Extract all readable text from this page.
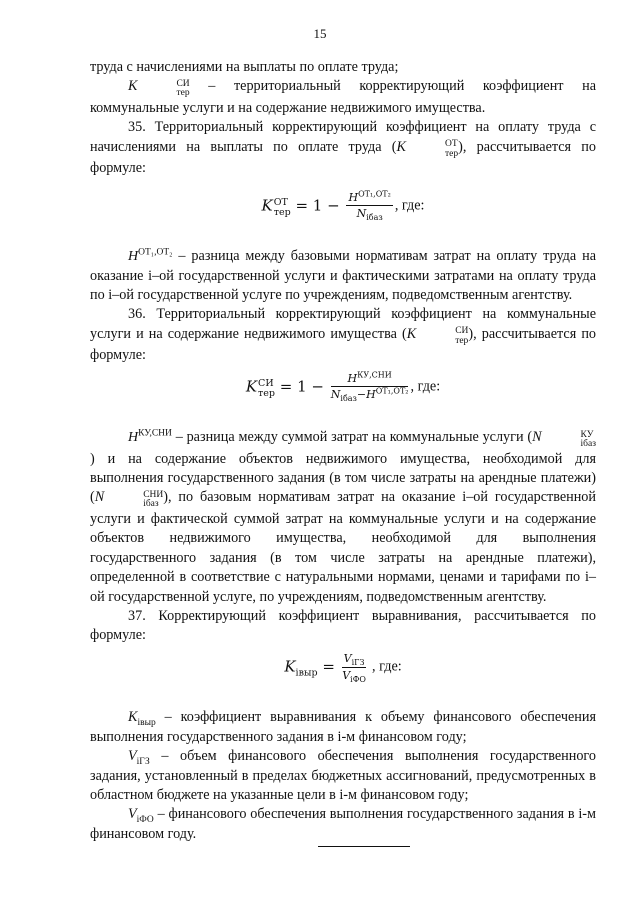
15

труда с начислениями на выплаты по оплате труда;

K	СИ
тер – территориальный корректирующий коэффициент на коммунальные услуги и на содержание недвижимого имущества.

35. Территориальный корректирующий коэффициент на оплату труда с начислениями на выплаты по оплате труда (K	ОТ
тер ), рассчитывается по формуле:

K ОТ
тер = $1 - \frac{H^{ОТ_1,ОТ_2}}{N_{iбаз}}$ , где:

$H^{ОТ_1,ОТ_2}$ – разница между базовыми нормативам затрат на оплату труда на оказание i–ой государственной услуги и фактическими затратами на оплату труда по i–ой государственной услуге по учреждениям, подведомственным агентству.

36. Территориальный корректирующий коэффициент на коммунальные услуги и на содержание недвижимого имущества (K	СИ
тер ), рассчитывается по формуле:

K СИ
тер = $1 - \frac{H^{КУ,СНИ}}{N_{iбаз}-H^{ОТ_1,ОТ_2}}$ , где:

$H^{КУ,СНИ}$ – разница между суммой затрат на коммунальные услуги (N	КУ
iбаз
) и на содержание объектов недвижимого имущества, необходимой для выполнения государственного задания (в том числе затраты на арендные платежи) (N	СНИ
iбаз ), по базовым нормативам затрат на оказание i–ой государственной услуги и фактической суммой затрат на коммунальные услуги и на содержание объектов недвижимого имущества, необходимой для выполнения государственного задания (в том числе затраты на арендные платежи), определенной в соответствие с натуральными нормами, ценами и тарифами по i–ой государственной услуге, по учреждениям, подведомственным агентству.

37. Корректирующий коэффициент выравнивания, рассчитывается по формуле:

$K_{iвыр} = \frac{V_{iГЗ}}{V_{iФО}}$ , где:

$K_{iвыр}$ – коэффициент выравнивания к объему финансового обеспечения выполнения государственного задания в i-м финансовом году;

$V_{iГЗ}$ – объем финансового обеспечения выполнения государственного задания, установленный в пределах бюджетных ассигнований, предусмотренных в областном бюджете на указанные цели в i-м финансовом году;

$V_{iФО}$ – финансового обеспечения выполнения государственного задания в i-м финансовом году.
